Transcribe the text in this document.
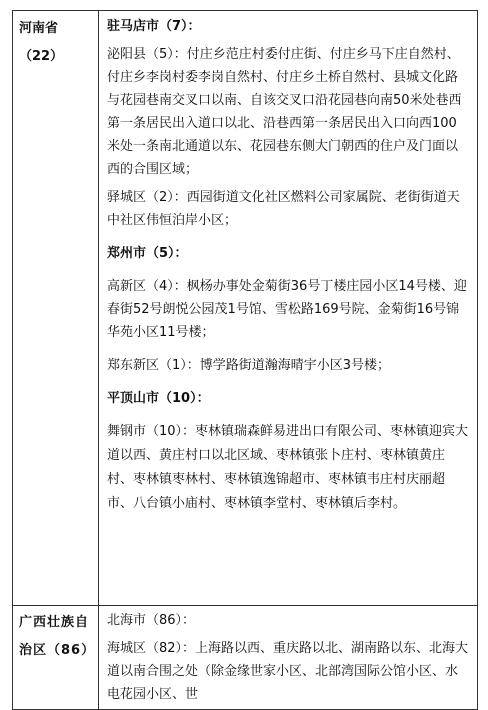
河南省（22）

驻马店市（7）：

泌阳县（5）：付庄乡范庄村委付庄街、付庄乡马下庄自然村、付庄乡李岗村委李岗自然村、付庄乡土桥自然村、县城文化路与花园巷南交叉口以南、自该交叉口沿花园巷向南50米处巷西第一条居民出入道口以北、沿巷西第一条居民出入口向西100米处一条南北通道以东、花园巷东侧大门朝西的住户及门面以西的合围区域；

驿城区（2）：西园街道文化社区燃料公司家属院、老街街道天中社区伟恒泊岸小区；

郑州市（5）：

高新区（4）：枫杨办事处金菊街36号丁楼庄园小区14号楼、迎春街52号朗悦公园茂1号馆、雪松路169号院、金菊街16号锦华苑小区11号楼；

郑东新区（1）：博学路街道瀚海晴宇小区3号楼；

平顶山市（10）：

舞钢市（10）：枣林镇瑞森鲜易进出口有限公司、枣林镇迎宾大道以西、黄庄村口以北区域、枣林镇张卜庄村、枣林镇黄庄村、枣林镇枣林村、枣林镇逸锦超市、枣林镇韦庄村庆丽超市、八台镇小庙村、枣林镇李堂村、枣林镇后李村。

广西壮族自治区（86）

北海市（86）：

海城区（82）：上海路以西、重庆路以北、湖南路以东、北海大道以南合围之处（除金缘世家小区、北部湾国际公馆小区、水电花园小区、世
